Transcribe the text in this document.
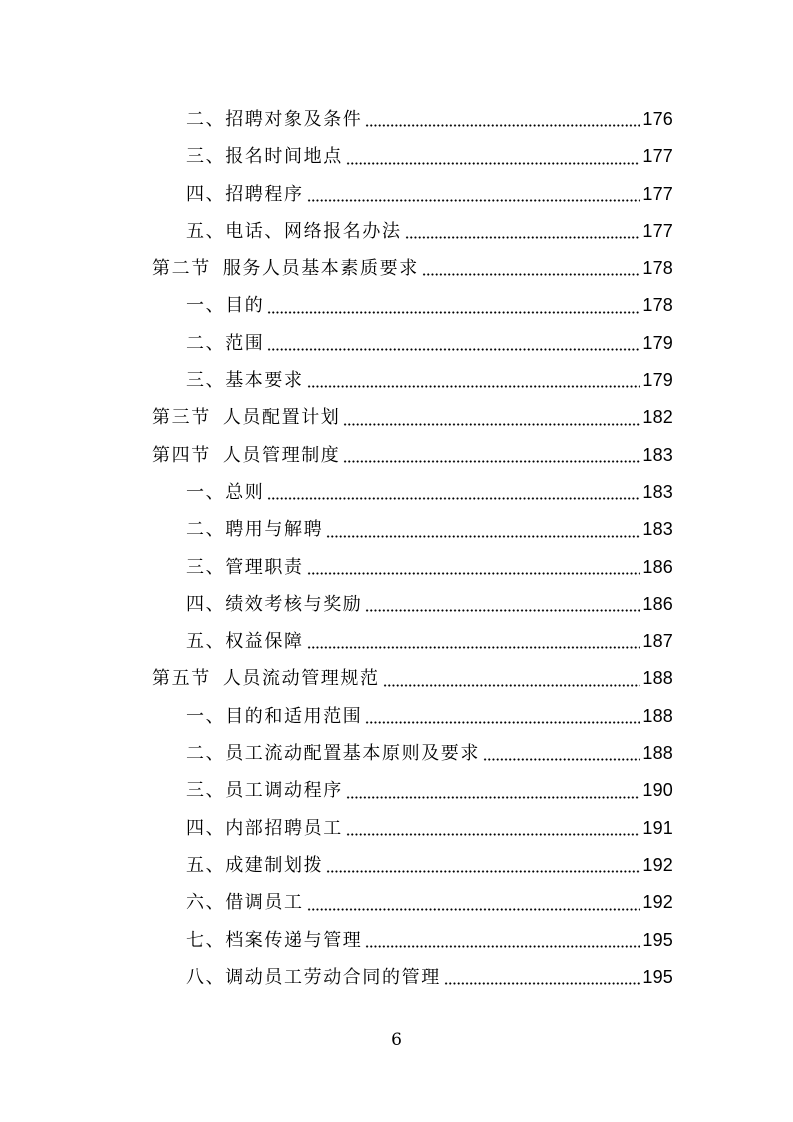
二、招聘对象及条件	176
三、报名时间地点	177
四、招聘程序	177
五、电话、网络报名办法	177
第二节 服务人员基本素质要求	178
一、目的	178
二、范围	179
三、基本要求	179
第三节 人员配置计划	182
第四节 人员管理制度	183
一、总则	183
二、聘用与解聘	183
三、管理职责	186
四、绩效考核与奖励	186
五、权益保障	187
第五节 人员流动管理规范	188
一、目的和适用范围	188
二、员工流动配置基本原则及要求	188
三、员工调动程序	190
四、内部招聘员工	191
五、成建制划拨	192
六、借调员工	192
七、档案传递与管理	195
八、调动员工劳动合同的管理	195
6
